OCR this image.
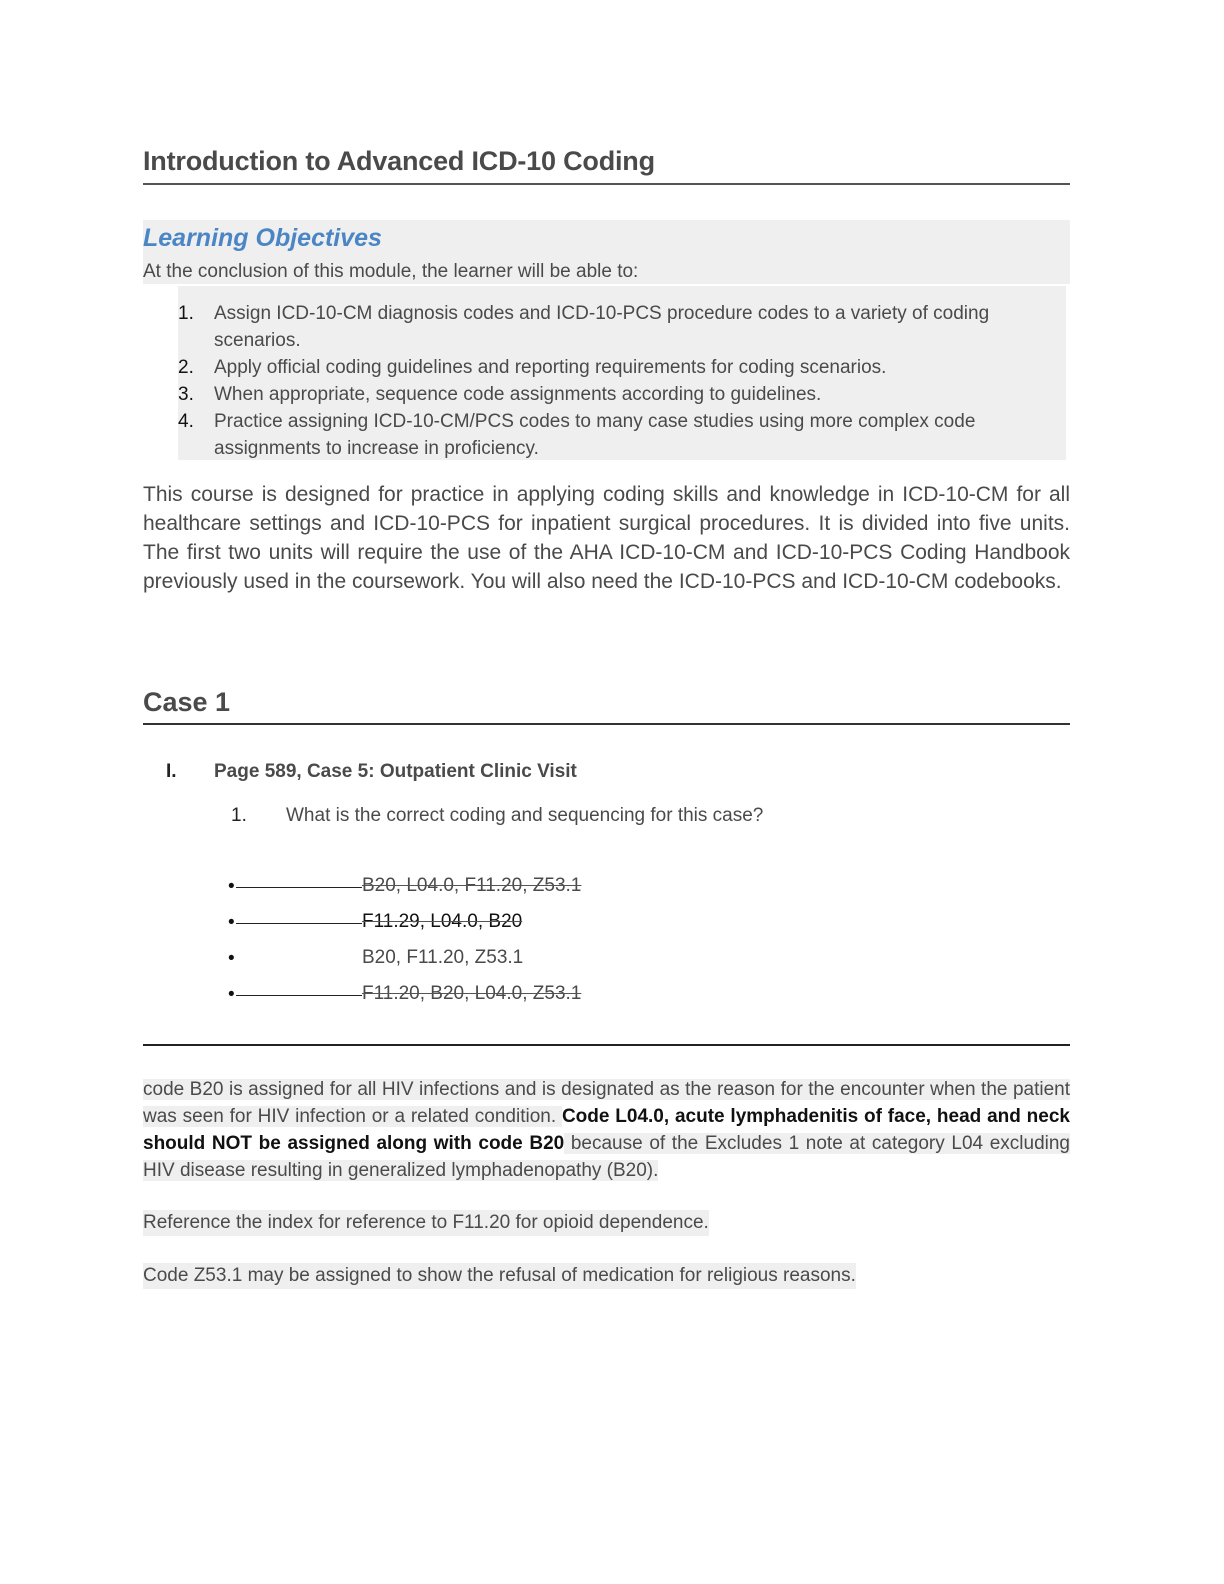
Introduction to Advanced ICD-10 Coding
Learning Objectives
At the conclusion of this module, the learner will be able to:
1. Assign ICD-10-CM diagnosis codes and ICD-10-PCS procedure codes to a variety of coding
scenarios.
2. Apply official coding guidelines and reporting requirements for coding scenarios.
3. When appropriate, sequence code assignments according to guidelines.
4. Practice assigning ICD-10-CM/PCS codes to many case studies using more complex code
assignments to increase in proficiency.
This course is designed for practice in applying coding skills and knowledge in ICD-10-CM for all healthcare settings and ICD-10-PCS for inpatient surgical procedures. It is divided into five units. The first two units will require the use of the AHA ICD-10-CM and ICD-10-PCS Coding Handbook previously used in the coursework. You will also need the ICD-10-PCS and ICD-10-CM codebooks.
Case 1
I. Page 589, Case 5: Outpatient Clinic Visit
1. What is the correct coding and sequencing for this case?
•	B20, L04.0, F11.20, Z53.1
•	F11.29, L04.0, B20
•	B20, F11.20, Z53.1
•	F11.20, B20, L04.0, Z53.1
code B20 is assigned for all HIV infections and is designated as the reason for the encounter when the patient was seen for HIV infection or a related condition. Code L04.0, acute lymphadenitis of face, head and neck should NOT be assigned along with code B20 because of the Excludes 1 note at category L04 excluding HIV disease resulting in generalized lymphadenopathy (B20).
Reference the index for reference to F11.20 for opioid dependence.
Code Z53.1 may be assigned to show the refusal of medication for religious reasons.
